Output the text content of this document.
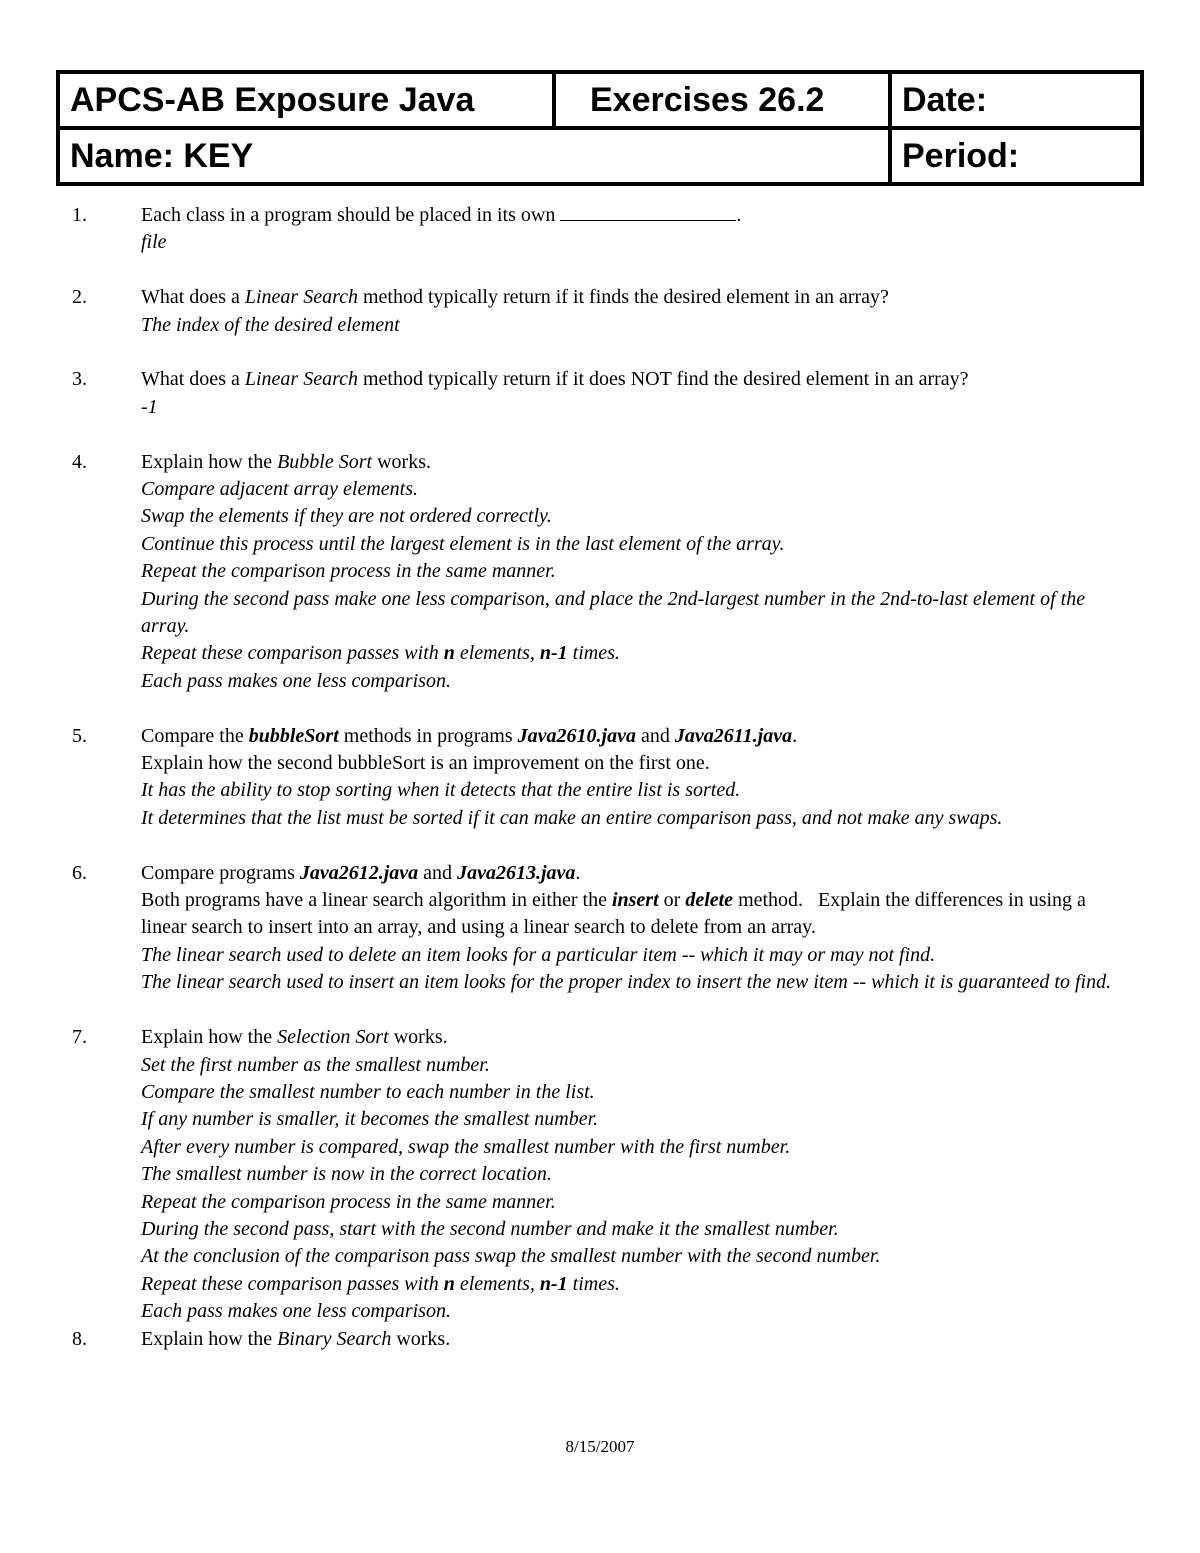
APCS-AB Exposure Java	Exercises 26.2	Date:
Name: KEY	Period:
1.	Each class in a program should be placed in its own	.
file
2.	What does a Linear Search method typically return if it finds the desired element in an array?
The index of the desired element
3.	What does a Linear Search method typically return if it does NOT find the desired element in an array?
-1
4.	Explain how the Bubble Sort works.
Compare adjacent array elements.
Swap the elements if they are not ordered correctly.
Continue this process until the largest element is in the last element of the array.
Repeat the comparison process in the same manner.
During the second pass make one less comparison, and place the 2nd-largest number in the 2nd-to-last element of the array.
Repeat these comparison passes with n elements, n-1 times.
Each pass makes one less comparison.
5.	Compare the bubbleSort methods in programs Java2610.java and Java2611.java.
Explain how the second bubbleSort is an improvement on the first one.
It has the ability to stop sorting when it detects that the entire list is sorted.
It determines that the list must be sorted if it can make an entire comparison pass, and not make any swaps.
6.	Compare programs Java2612.java and Java2613.java.
Both programs have a linear search algorithm in either the insert or delete method.   Explain the differences in using a linear search to insert into an array, and using a linear search to delete from an array.
The linear search used to delete an item looks for a particular item -- which it may or may not find.
The linear search used to insert an item looks for the proper index to insert the new item -- which it is guaranteed to find.
7.	Explain how the Selection Sort works.
Set the first number as the smallest number.
Compare the smallest number to each number in the list.
If any number is smaller, it becomes the smallest number.
After every number is compared, swap the smallest number with the first number.
The smallest number is now in the correct location.
Repeat the comparison process in the same manner.
During the second pass, start with the second number and make it the smallest number.
At the conclusion of the comparison pass swap the smallest number with the second number.
Repeat these comparison passes with n elements, n-1 times.
Each pass makes one less comparison.
8.	Explain how the Binary Search works.
8/15/2007
